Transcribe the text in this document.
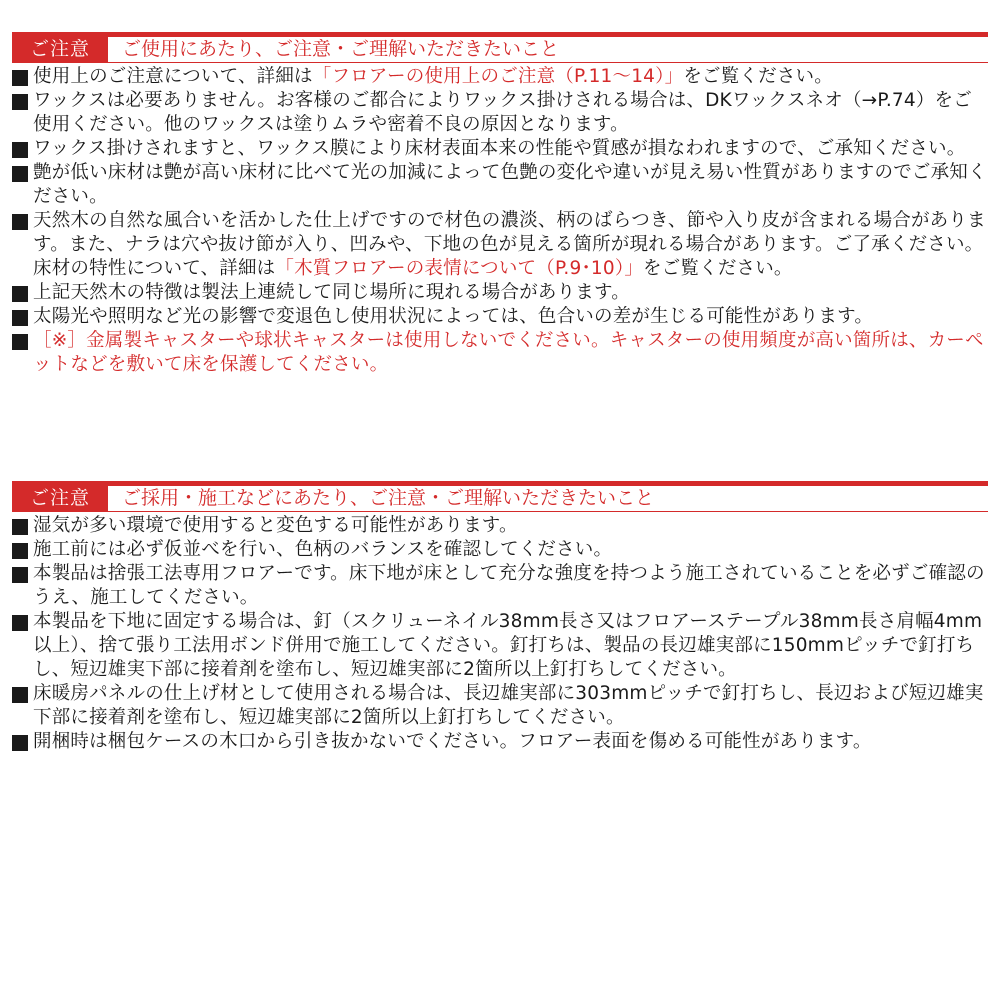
ご注意	ご使用にあたり、ご注意・ご理解いただきたいこと
使用上のご注意について、詳細は「フロアーの使用上のご注意（P.11～14）」をご覧ください。
ワックスは必要ありません。お客様のご都合によりワックス掛けされる場合は、DKワックスネオ（→P.74）をご使用ください。他のワックスは塗りムラや密着不良の原因となります。
ワックス掛けされますと、ワックス膜により床材表面本来の性能や質感が損なわれますので、ご承知ください。
艶が低い床材は艶が高い床材に比べて光の加減によって色艶の変化や違いが見え易い性質がありますのでご承知ください。
天然木の自然な風合いを活かした仕上げですので材色の濃淡、柄のばらつき、節や入り皮が含まれる場合があります。また、ナラは穴や抜け節が入り、凹みや、下地の色が見える箇所が現れる場合があります。ご了承ください。床材の特性について、詳細は「木質フロアーの表情について（P.9･10）」をご覧ください。
上記天然木の特徴は製法上連続して同じ場所に現れる場合があります。
太陽光や照明など光の影響で変退色し使用状況によっては、色合いの差が生じる可能性があります。
［※］金属製キャスターや球状キャスターは使用しないでください。キャスターの使用頻度が高い箇所は、カーペットなどを敷いて床を保護してください。
ご注意	ご採用・施工などにあたり、ご注意・ご理解いただきたいこと
湿気が多い環境で使用すると変色する可能性があります。
施工前には必ず仮並べを行い、色柄のバランスを確認してください。
本製品は捨張工法専用フロアーです。床下地が床として充分な強度を持つよう施工されていることを必ずご確認のうえ、施工してください。
本製品を下地に固定する場合は、釘（スクリューネイル38mm長さ又はフロアーステープル38mm長さ肩幅4mm以上）、捨て張り工法用ボンド併用で施工してください。釘打ちは、製品の長辺雄実部に150mmピッチで釘打ちし、短辺雄実下部に接着剤を塗布し、短辺雄実部に2箇所以上釘打ちしてください。
床暖房パネルの仕上げ材として使用される場合は、長辺雄実部に303mmピッチで釘打ちし、長辺および短辺雄実下部に接着剤を塗布し、短辺雄実部に2箇所以上釘打ちしてください。
開梱時は梱包ケースの木口から引き抜かないでください。フロアー表面を傷める可能性があります。
